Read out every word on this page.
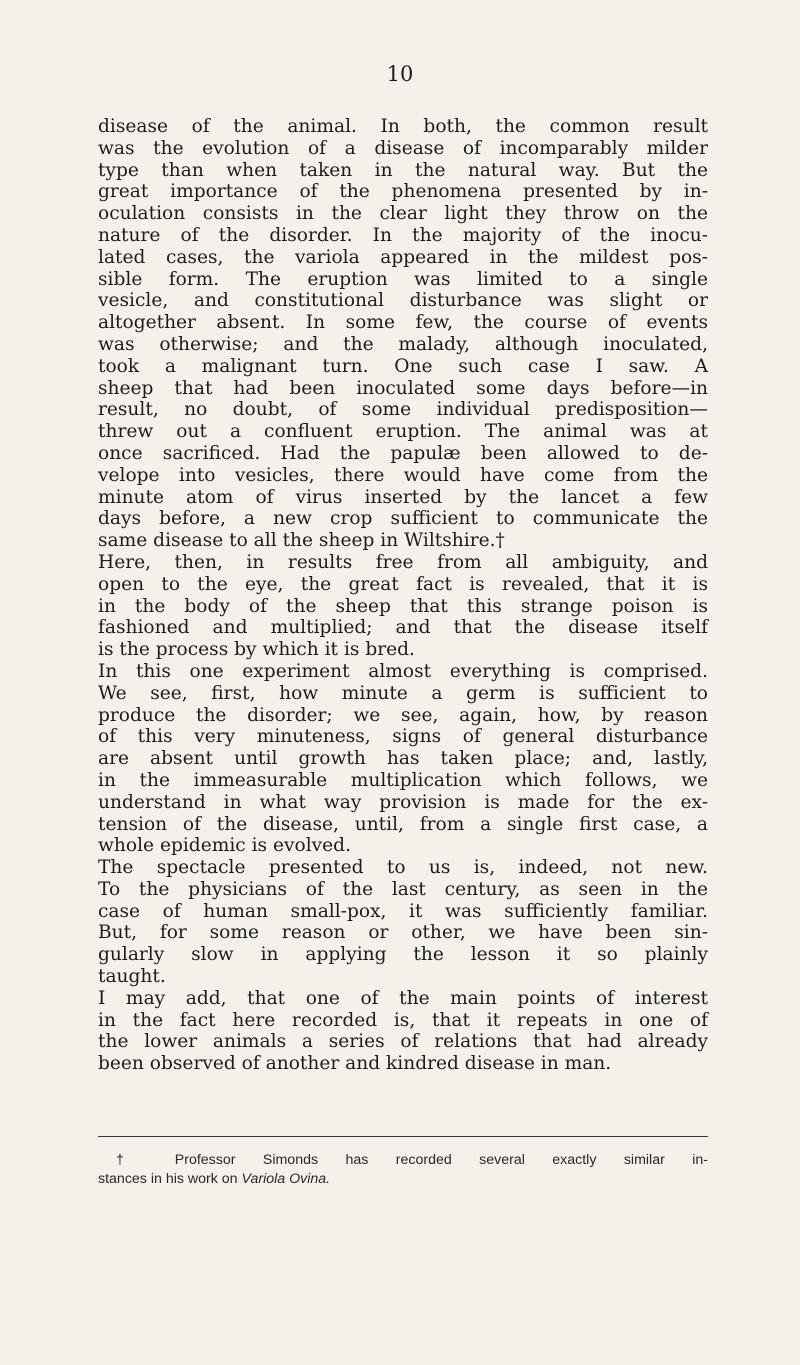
10
disease of the animal. In both, the common result
was the evolution of a disease of incomparably milder
type than when taken in the natural way. But the
great importance of the phenomena presented by in-
oculation consists in the clear light they throw on the
nature of the disorder. In the majority of the inocu-
lated cases, the variola appeared in the mildest pos-
sible form. The eruption was limited to a single
vesicle, and constitutional disturbance was slight or
altogether absent. In some few, the course of events
was otherwise; and the malady, although inoculated,
took a malignant turn. One such case I saw. A
sheep that had been inoculated some days before—in
result, no doubt, of some individual predisposition—
threw out a confluent eruption. The animal was at
once sacrificed. Had the papulæ been allowed to de-
velope into vesicles, there would have come from the
minute atom of virus inserted by the lancet a few
days before, a new crop sufficient to communicate the
same disease to all the sheep in Wiltshire.†
Here, then, in results free from all ambiguity, and
open to the eye, the great fact is revealed, that it is
in the body of the sheep that this strange poison is
fashioned and multiplied; and that the disease itself
is the process by which it is bred.
In this one experiment almost everything is comprised.
We see, first, how minute a germ is sufficient to
produce the disorder; we see, again, how, by reason
of this very minuteness, signs of general disturbance
are absent until growth has taken place; and, lastly,
in the immeasurable multiplication which follows, we
understand in what way provision is made for the ex-
tension of the disease, until, from a single first case, a
whole epidemic is evolved.
The spectacle presented to us is, indeed, not new.
To the physicians of the last century, as seen in the
case of human small-pox, it was sufficiently familiar.
But, for some reason or other, we have been sin-
gularly slow in applying the lesson it so plainly
taught.
I may add, that one of the main points of interest
in the fact here recorded is, that it repeats in one of
the lower animals a series of relations that had already
been observed of another and kindred disease in man.
† Professor Simonds has recorded several exactly similar in-
stances in his work on Variola Ovina.
